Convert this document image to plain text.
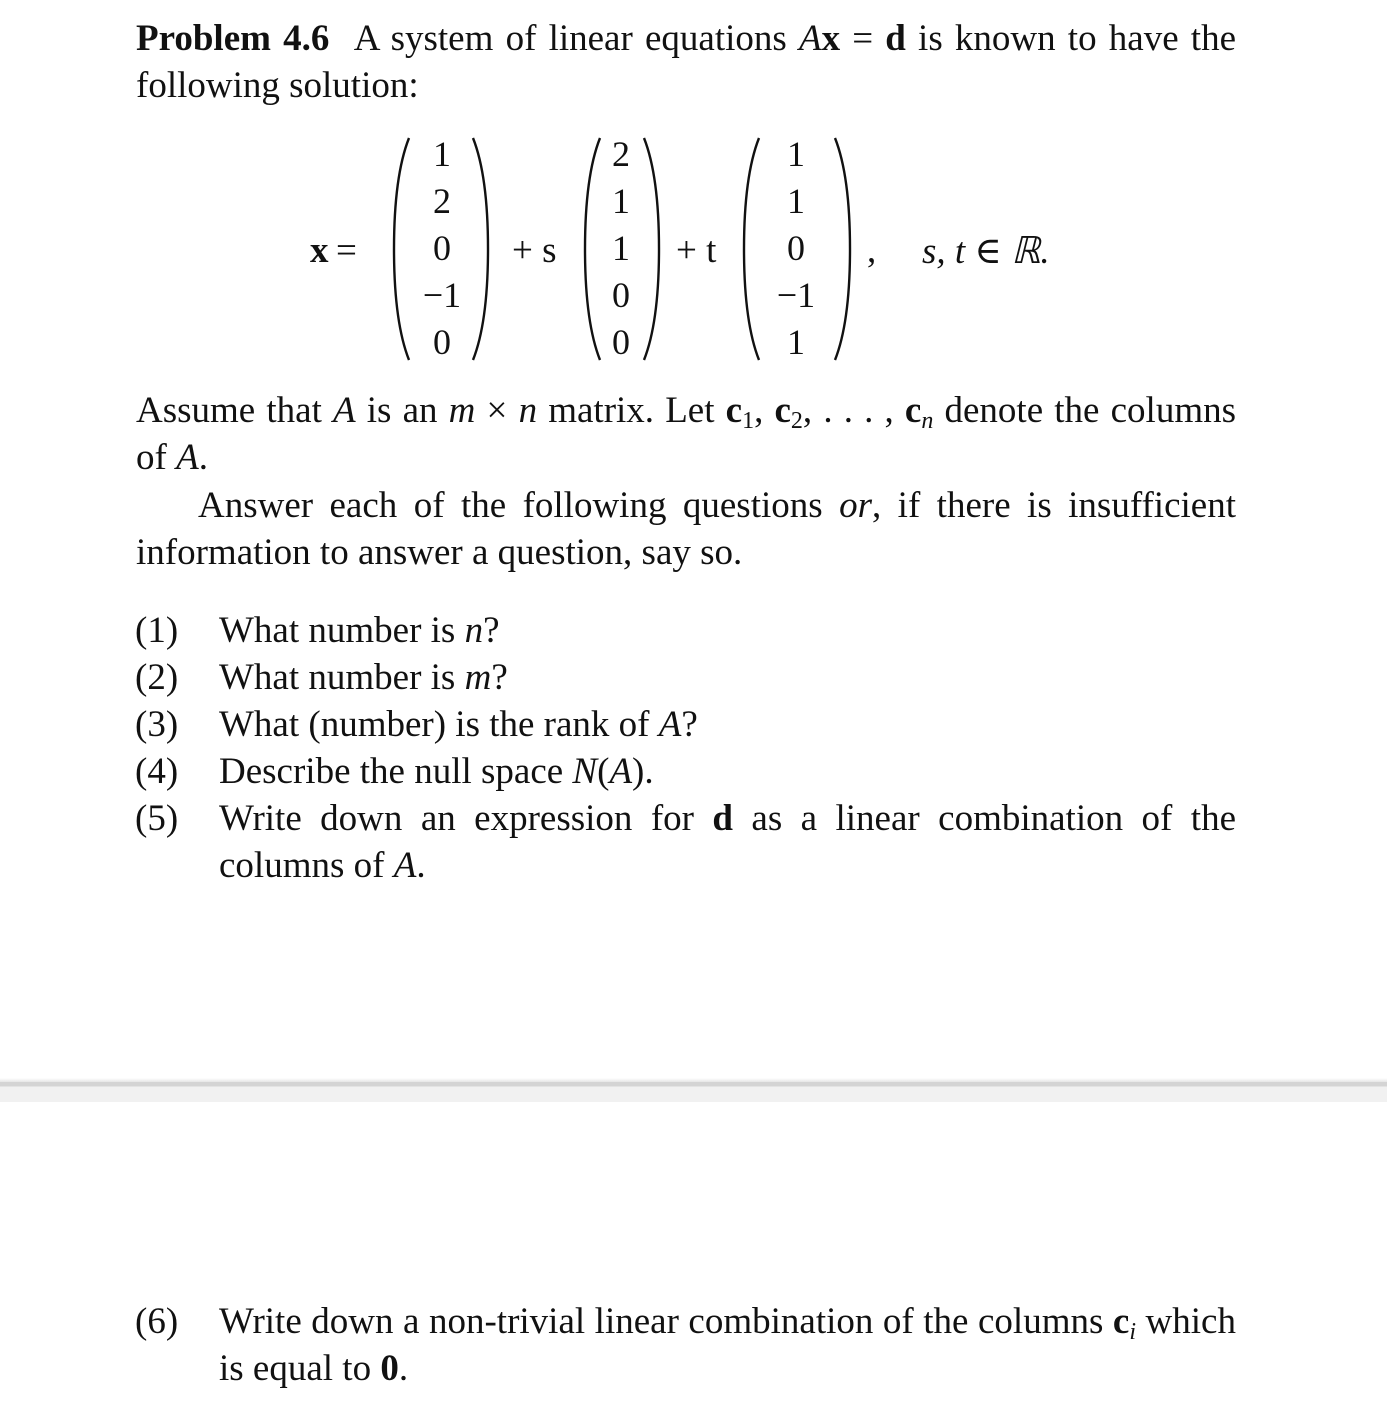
Problem 4.6 A system of linear equations Ax = d is known to have the following solution:
x =
1
2
0
−1
0
+ s
2
1
1
0
0
+ t
1
1
0
−1
1
, s, t ∈ ℝ.
Assume that A is an m × n matrix. Let $c_1$, $c_2$, . . . , $c_n$ denote the columns of A.
Answer each of the following questions or, if there is insufficient information to answer a question, say so.
(1) What number is n?
(2) What number is m?
(3) What (number) is the rank of A?
(4) Describe the null space N(A).
(5) Write down an expression for d as a linear combination of the columns of A.
(6) Write down a non-trivial linear combination of the columns $c_i$ which is equal to 0.
